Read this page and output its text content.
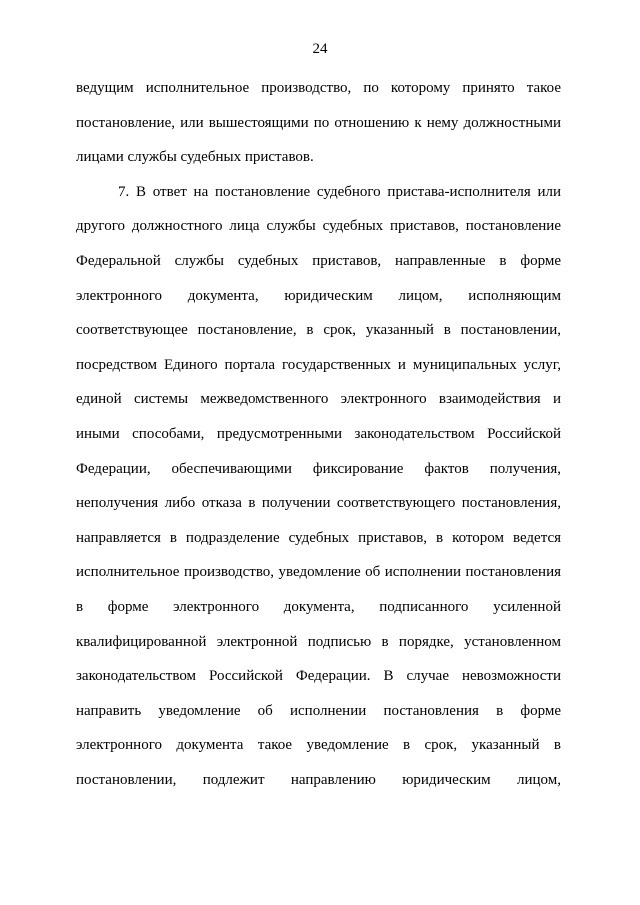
24
ведущим исполнительное производство, по которому принято такое
постановление, или вышестоящими по отношению к нему должностными
лицами службы судебных приставов.
7. В ответ на постановление судебного пристава-исполнителя или
другого должностного лица службы судебных приставов, постановление
Федеральной службы судебных приставов, направленные в форме
электронного документа, юридическим лицом, исполняющим
соответствующее постановление, в срок, указанный в постановлении,
посредством Единого портала государственных и муниципальных услуг,
единой системы межведомственного электронного взаимодействия и
иными способами, предусмотренными законодательством Российской
Федерации, обеспечивающими фиксирование фактов получения,
неполучения либо отказа в получении соответствующего постановления,
направляется в подразделение судебных приставов, в котором ведется
исполнительное производство, уведомление об исполнении постановления
в форме электронного документа, подписанного усиленной
квалифицированной электронной подписью в порядке, установленном
законодательством Российской Федерации. В случае невозможности
направить уведомление об исполнении постановления в форме
электронного документа такое уведомление в срок, указанный в
постановлении, подлежит направлению юридическим лицом,
